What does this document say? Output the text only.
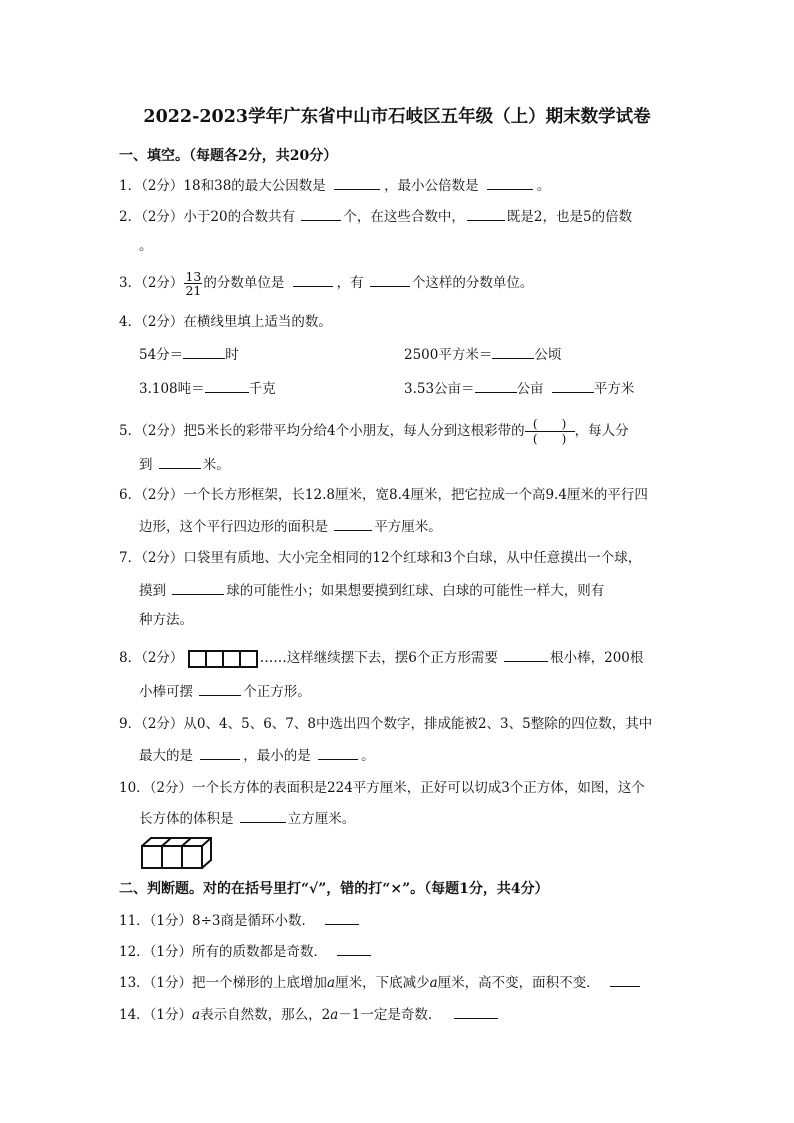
2022-2023学年广东省中山市石岐区五年级（上）期末数学试卷
一、填空。（每题各2分，共20分）
1．（2分）18和38的最大公因数是	，最小公倍数是	。
2．（2分）小于20的合数共有	个，在这些合数中，	既是2，也是5的倍数
。
3．（2分） $\frac{13}{21}$ 的分数单位是	，有	个这样的分数单位。
4．（2分）在横线里填上适当的数。
54分＝	时	2500平方米＝	公顷
3.108吨＝	千克	3.53公亩＝	公亩	平方米
5．（2分）把5米长的彩带平均分给4个小朋友，每人分到这根彩带的 (　　)
(　　) ，每人分
到	米。
6．（2分）一个长方形框架，长12.8厘米，宽8.4厘米，把它拉成一个高9.4厘米的平行四
边形，这个平行四边形的面积是	平方厘米。
7．（2分）口袋里有质地、大小完全相同的12个红球和3个白球，从中任意摸出一个球，
摸到	球的可能性小；如果想要摸到红球、白球的可能性一样大，则有
种方法。
8．（2分）	……这样继续摆下去，摆6个正方形需要	根小棒，200根
小棒可摆	个正方形。
9．（2分）从0、4、5、6、7、8中选出四个数字，排成能被2、3、5整除的四位数，其中
最大的是	，最小的是	。
10．（2分）一个长方体的表面积是224平方厘米，正好可以切成3个正方体，如图，这个
长方体的体积是	立方厘米。
二、判断题。对的在括号里打“√”，错的打“×”。（每题1分，共4分）
11．（1分）8÷3商是循环小数．
12．（1分）所有的质数都是奇数．
13．（1分）把一个梯形的上底增加a厘米，下底减少a厘米，高不变，面积不变．
14．（1分）a表示自然数，那么，2a－1一定是奇数．
